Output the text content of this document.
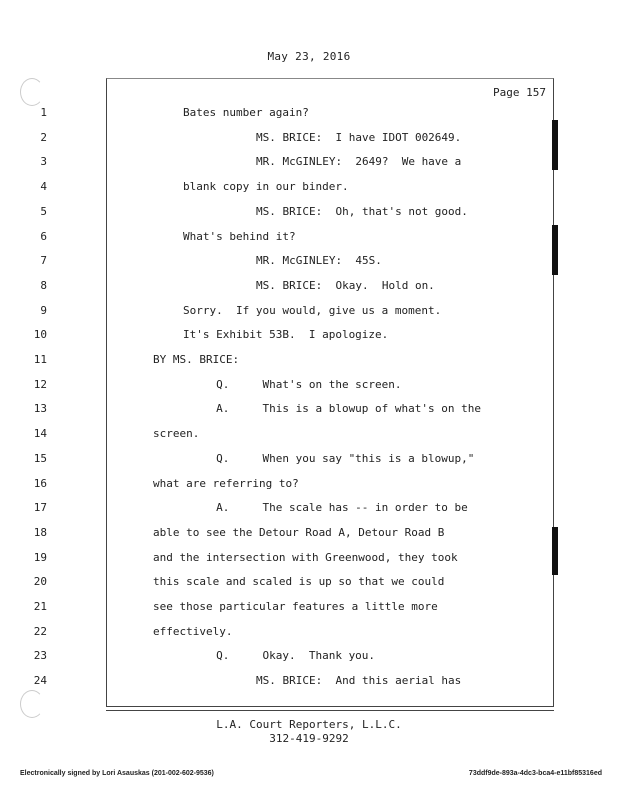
May 23, 2016
Page 157
1	Bates number again?
2	MS. BRICE:  I have IDOT 002649.
3	MR. McGINLEY:  2649?  We have a
4	blank copy in our binder.
5	MS. BRICE:  Oh, that's not good.
6	What's behind it?
7	MR. McGINLEY:  45S.
8	MS. BRICE:  Okay.  Hold on.
9	Sorry.  If you would, give us a moment.
10	It's Exhibit 53B.  I apologize.
11	BY MS. BRICE:
12	Q.     What's on the screen.
13	A.     This is a blowup of what's on the
14	screen.
15	Q.     When you say "this is a blowup,"
16	what are referring to?
17	A.     The scale has -- in order to be
18	able to see the Detour Road A, Detour Road B
19	and the intersection with Greenwood, they took
20	this scale and scaled is up so that we could
21	see those particular features a little more
22	effectively.
23	Q.     Okay.  Thank you.
24	MS. BRICE:  And this aerial has
L.A. Court Reporters, L.L.C.
312-419-9292
Electronically signed by Lori Asauskas (201-002-602-9536)	73ddf9de-893a-4dc3-bca4-e11bf85316ed
